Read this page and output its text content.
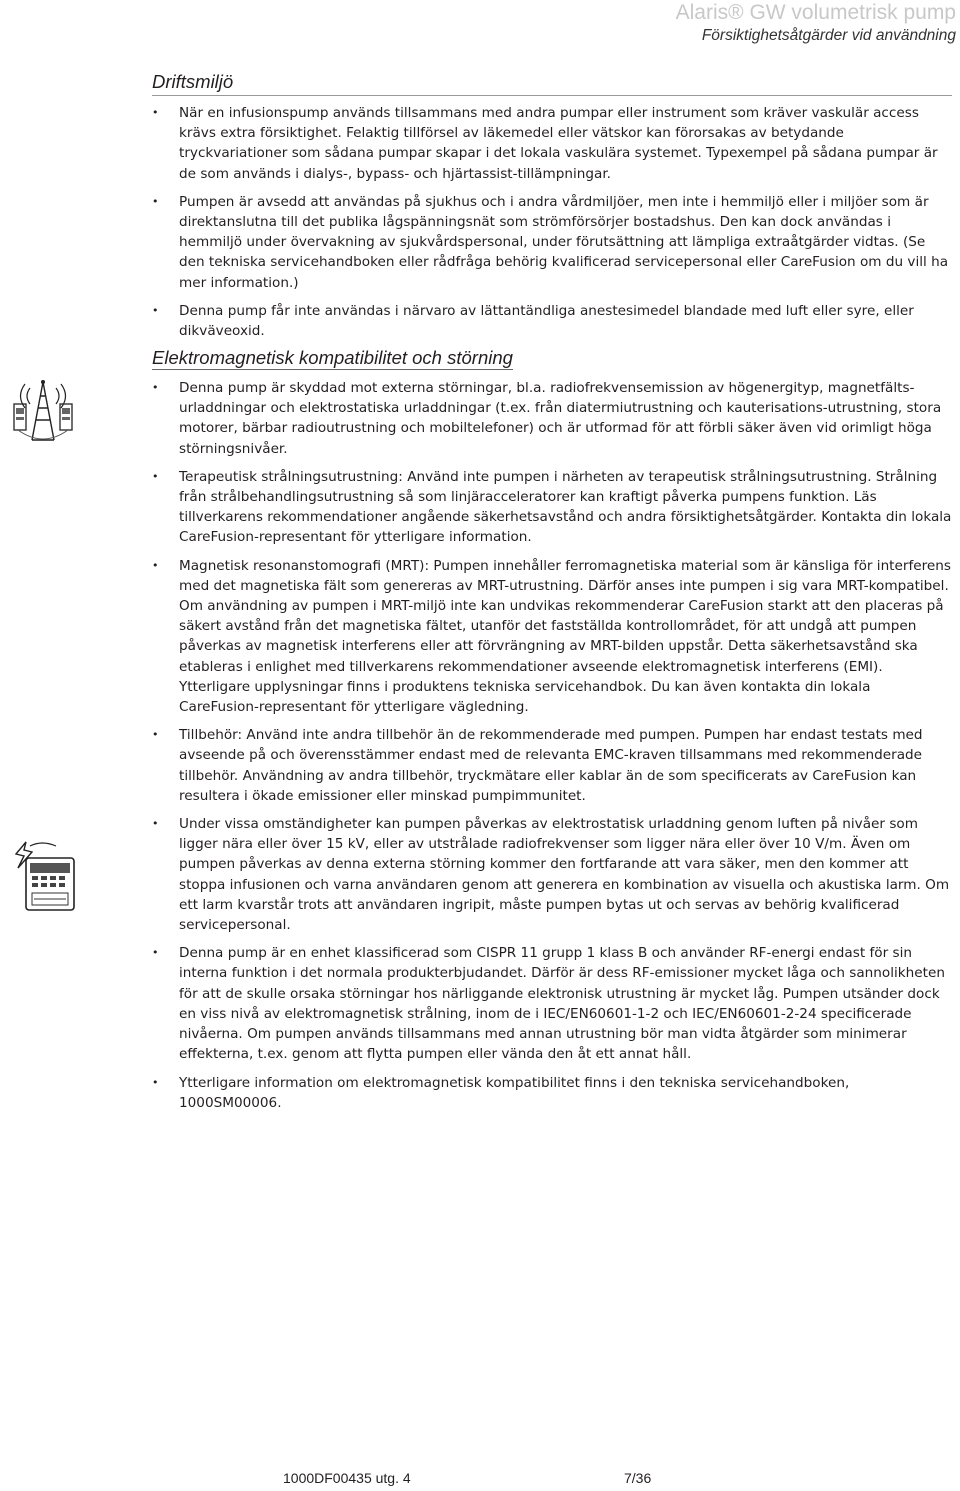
Alaris® GW volumetrisk pump
Försiktighetsåtgärder vid användning
Driftsmiljö
• När en infusionspump används tillsammans med andra pumpar eller instrument som kräver vaskulär access krävs extra försiktighet. Felaktig tillförsel av läkemedel eller vätskor kan förorsakas av betydande tryckvariationer som sådana pumpar skapar i det lokala vaskulära systemet. Typexempel på sådana pumpar är de som används i dialys-, bypass- och hjärtassist-tillämpningar.
• Pumpen är avsedd att användas på sjukhus och i andra vårdmiljöer, men inte i hemmiljö eller i miljöer som är direktanslutna till det publika lågspänningsnät som strömförsörjer bostadshus. Den kan dock användas i hemmiljö under övervakning av sjukvårdspersonal, under förutsättning att lämpliga extraåtgärder vidtas. (Se den tekniska servicehandboken eller rådfråga behörig kvalificerad servicepersonal eller CareFusion om du vill ha mer information.)
• Denna pump får inte användas i närvaro av lättantändliga anestesimedel blandade med luft eller syre, eller dikväveoxid.
Elektromagnetisk kompatibilitet och störning
• Denna pump är skyddad mot externa störningar, bl.a. radiofrekvensemission av högenergityp, magnetfälts-urladdningar och elektrostatiska urladdningar (t.ex. från diatermiutrustning och kauterisations-utrustning, stora motorer, bärbar radioutrustning och mobiltelefoner) och är utformad för att förbli säker även vid orimligt höga störningsnivåer.
• Terapeutisk strålningsutrustning: Använd inte pumpen i närheten av terapeutisk strålningsutrustning. Strålning från strålbehandlingsutrustning så som linjäracceleratorer kan kraftigt påverka pumpens funktion. Läs tillverkarens rekommendationer angående säkerhetsavstånd och andra försiktighetsåtgärder. Kontakta din lokala CareFusion-representant för ytterligare information.
• Magnetisk resonanstomografi (MRT): Pumpen innehåller ferromagnetiska material som är känsliga för interferens med det magnetiska fält som genereras av MRT-utrustning. Därför anses inte pumpen i sig vara MRT-kompatibel. Om användning av pumpen i MRT-miljö inte kan undvikas rekommenderar CareFusion starkt att den placeras på säkert avstånd från det magnetiska fältet, utanför det fastställda kontrollområdet, för att undgå att pumpen påverkas av magnetisk interferens eller att förvrängning av MRT-bilden uppstår. Detta säkerhetsavstånd ska etableras i enlighet med tillverkarens rekommendationer avseende elektromagnetisk interferens (EMI). Ytterligare upplysningar finns i produktens tekniska servicehandbok. Du kan även kontakta din lokala CareFusion-representant för ytterligare vägledning.
• Tillbehör: Använd inte andra tillbehör än de rekommenderade med pumpen. Pumpen har endast testats med avseende på och överensstämmer endast med de relevanta EMC-kraven tillsammans med rekommenderade tillbehör. Användning av andra tillbehör, tryckmätare eller kablar än de som specificerats av CareFusion kan resultera i ökade emissioner eller minskad pumpimmunitet.
• Under vissa omständigheter kan pumpen påverkas av elektrostatisk urladdning genom luften på nivåer som ligger nära eller över 15 kV, eller av utstrålade radiofrekvenser som ligger nära eller över 10 V/m. Även om pumpen påverkas av denna externa störning kommer den fortfarande att vara säker, men den kommer att stoppa infusionen och varna användaren genom att generera en kombination av visuella och akustiska larm. Om ett larm kvarstår trots att användaren ingripit, måste pumpen bytas ut och servas av behörig kvalificerad servicepersonal.
• Denna pump är en enhet klassificerad som CISPR 11 grupp 1 klass B och använder RF-energi endast för sin interna funktion i det normala produkterbjudandet. Därför är dess RF-emissioner mycket låga och sannolikheten för att de skulle orsaka störningar hos närliggande elektronisk utrustning är mycket låg. Pumpen utsänder dock en viss nivå av elektromagnetisk strålning, inom de i IEC/EN60601-1-2 och IEC/EN60601-2-24 specificerade nivåerna. Om pumpen används tillsammans med annan utrustning bör man vidta åtgärder som minimerar effekterna, t.ex. genom att flytta pumpen eller vända den åt ett annat håll.
• Ytterligare information om elektromagnetisk kompatibilitet finns i den tekniska servicehandboken, 1000SM00006.
1000DF00435 utg. 4	7/36
